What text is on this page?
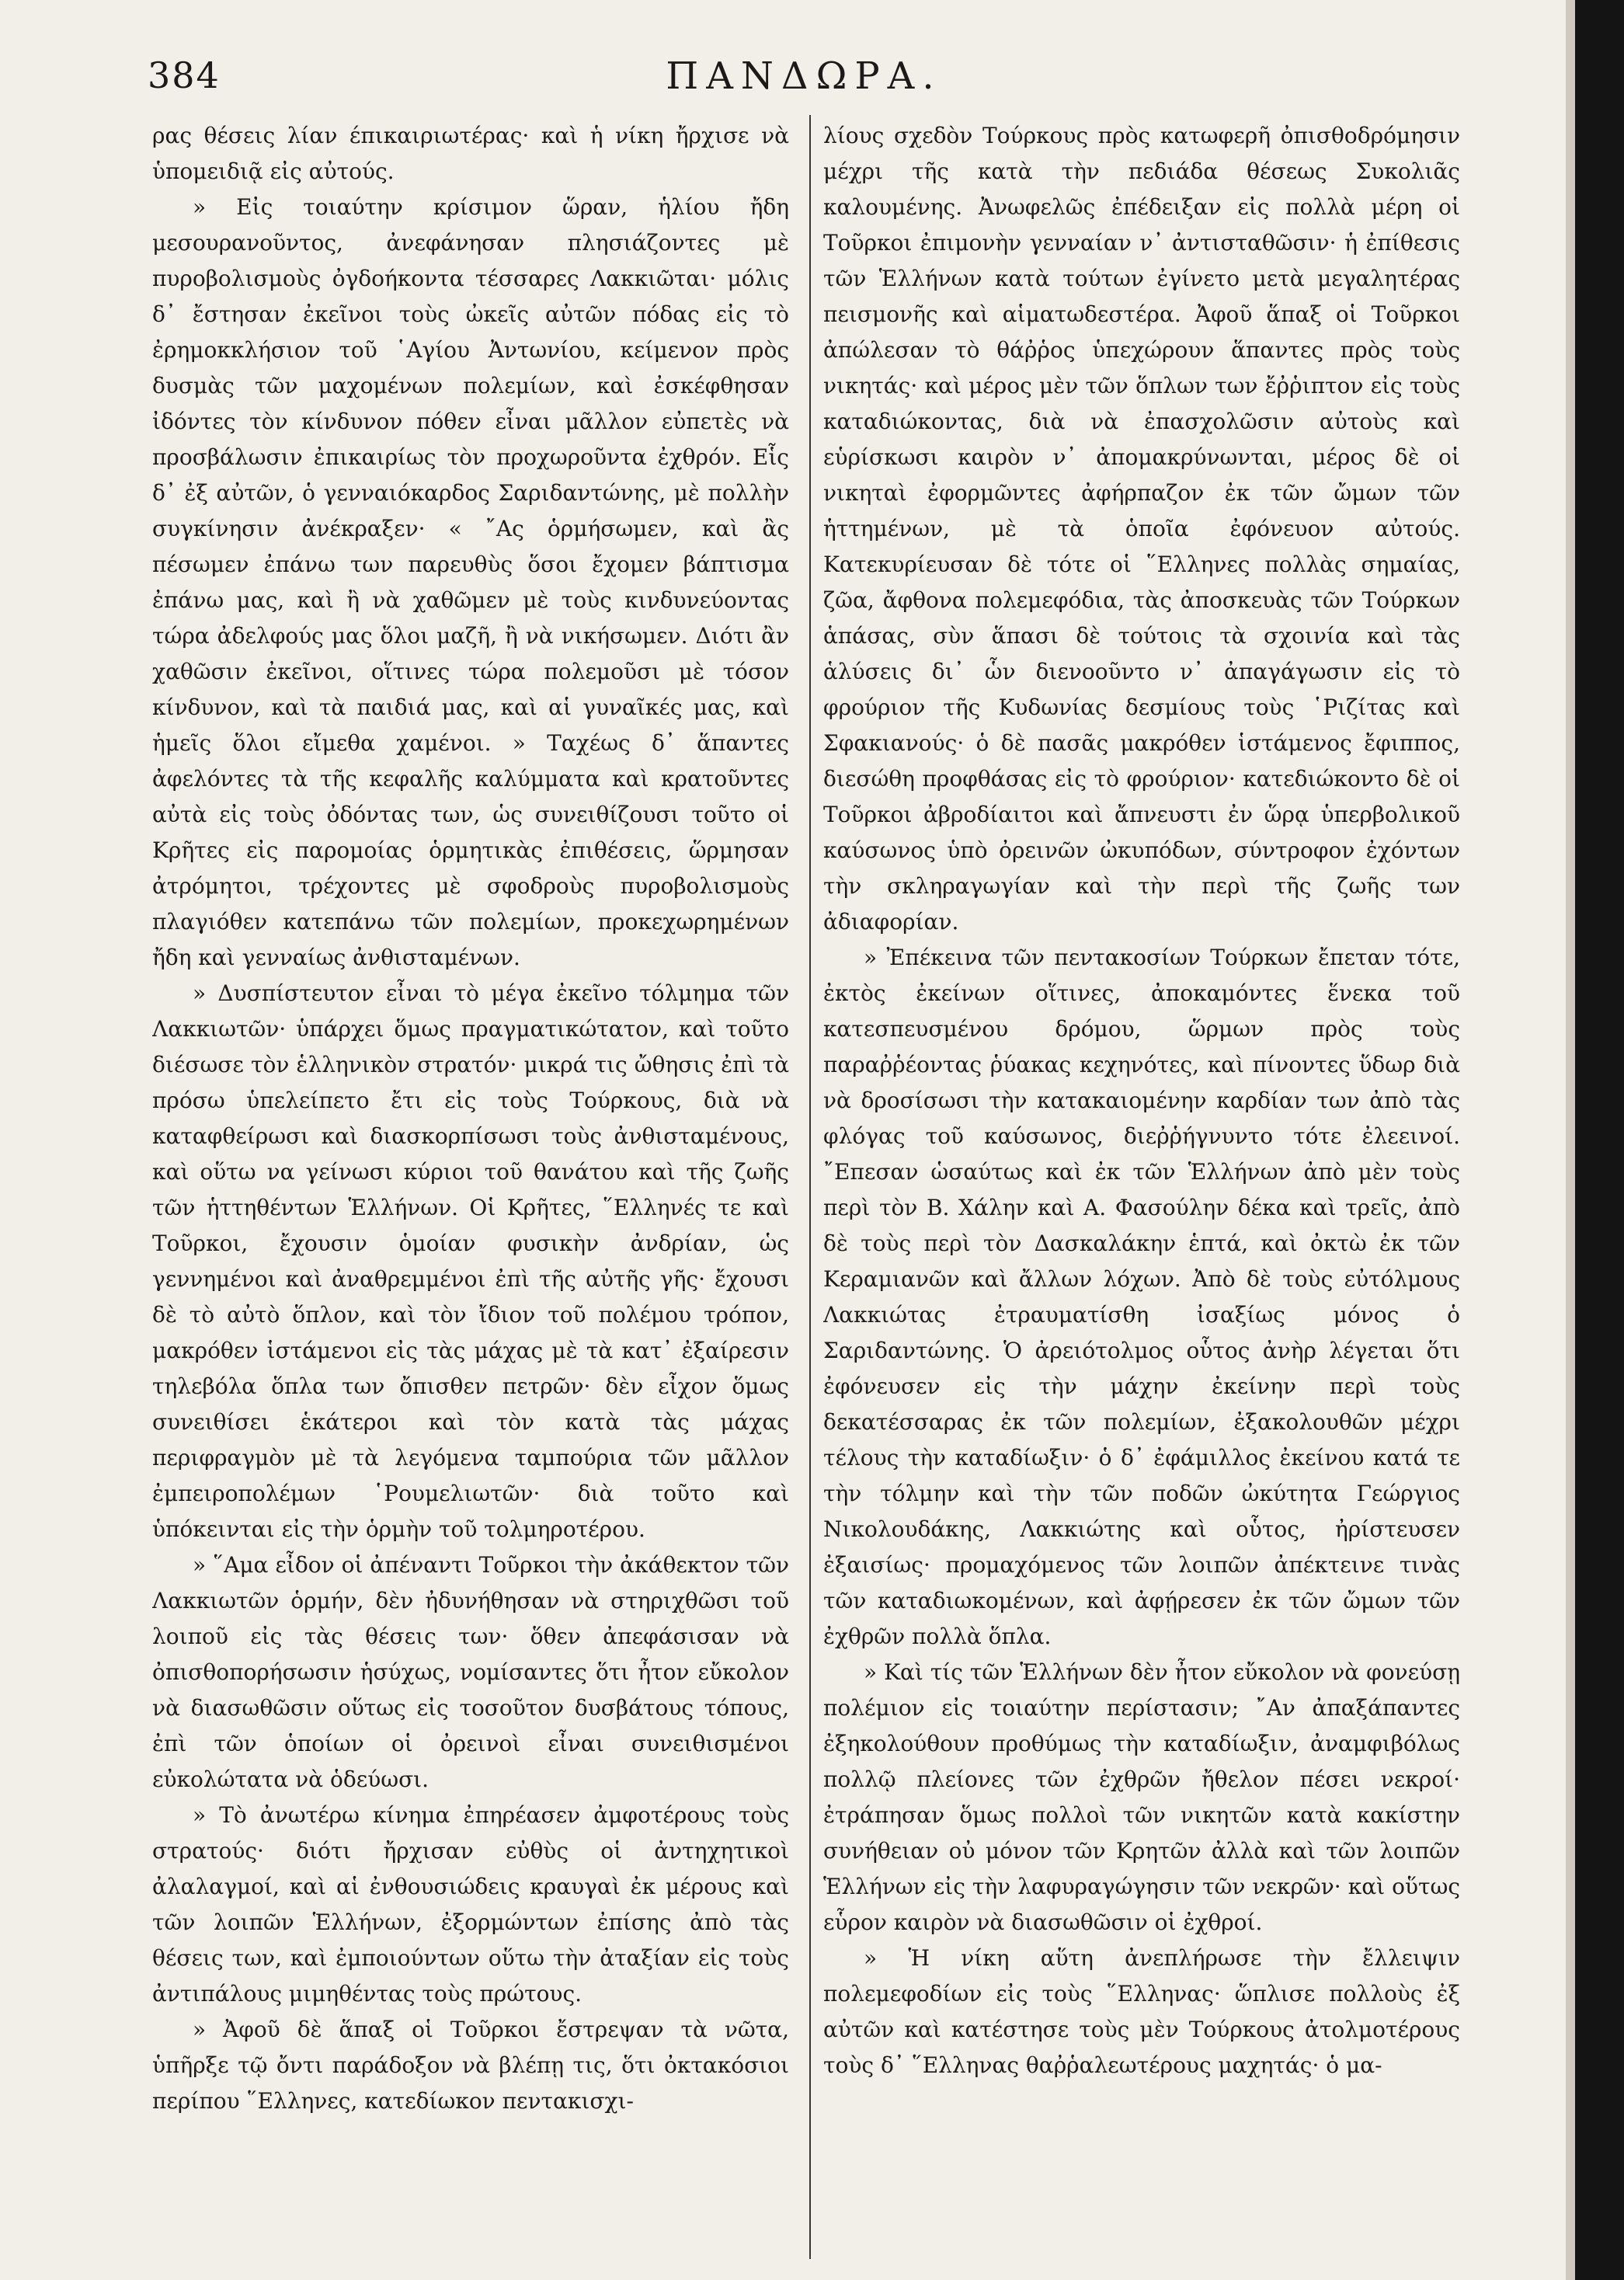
384	ΠΑΝΔΩΡΑ.

ρας θέσεις λίαν έπικαιριωτέρας· καὶ ἡ νίκη ἤρχισε νὰ ὑπομειδιᾷ εἰς αὐτούς.

» Εἰς τοιαύτην κρίσιμον ὥραν, ἡλίου ἤδη μεσουρανοῦντος, ἀνεφάνησαν πλησιάζοντες μὲ πυροβολισμοὺς ὀγδοήκοντα τέσσαρες Λακκιῶται· μόλις δ᾽ ἔστησαν ἐκεῖνοι τοὺς ὠκεῖς αὐτῶν πόδας εἰς τὸ ἐρημοκκλήσιον τοῦ ῾Αγίου Ἀντωνίου, κείμενον πρὸς δυσμὰς τῶν μαχομένων πολεμίων, καὶ ἐσκέφθησαν ἰδόντες τὸν κίνδυνον πόθεν εἶναι μᾶλλον εὐπετὲς νὰ προσβάλωσιν ἐπικαιρίως τὸν προχωροῦντα ἐχθρόν. Εἷς δ᾽ ἐξ αὐτῶν, ὁ γενναιόκαρδος Σαριδαντώνης, μὲ πολλὴν συγκίνησιν ἀνέκραξεν· « ῎Ας ὁρμήσωμεν, καὶ ἂς πέσωμεν ἐπάνω των παρευθὺς ὅσοι ἔχομεν βάπτισμα ἐπάνω μας, καὶ ἢ νὰ χαθῶμεν μὲ τοὺς κινδυνεύοντας τώρα ἀδελφούς μας ὅλοι μαζῆ, ἢ νὰ νικήσωμεν. Διότι ἂν χαθῶσιν ἐκεῖνοι, οἵτινες τώρα πολεμοῦσι μὲ τόσον κίνδυνον, καὶ τὰ παιδιά μας, καὶ αἱ γυναῖκές μας, καὶ ἡμεῖς ὅλοι εἴμεθα χαμένοι. » Ταχέως δ᾽ ἅπαντες ἀφελόντες τὰ τῆς κεφαλῆς καλύμματα καὶ κρατοῦντες αὐτὰ εἰς τοὺς ὀδόντας των, ὡς συνειθίζουσι τοῦτο οἱ Κρῆτες εἰς παρομοίας ὁρμητικὰς ἐπιθέσεις, ὥρμησαν ἀτρόμητοι, τρέχοντες μὲ σφοδροὺς πυροβολισμοὺς πλαγιόθεν κατεπάνω τῶν πολεμίων, προκεχωρημένων ἤδη καὶ γενναίως ἀνθισταμένων.

» Δυσπίστευτον εἶναι τὸ μέγα ἐκεῖνο τόλμημα τῶν Λακκιωτῶν· ὑπάρχει ὅμως πραγματικώτατον, καὶ τοῦτο διέσωσε τὸν ἑλληνικὸν στρατόν· μικρά τις ὤθησις ἐπὶ τὰ πρόσω ὑπελείπετο ἔτι εἰς τοὺς Τούρκους, διὰ νὰ καταφθείρωσι καὶ διασκορπίσωσι τοὺς ἀνθισταμένους, καὶ οὕτω να γείνωσι κύριοι τοῦ θανάτου καὶ τῆς ζωῆς τῶν ἡττηθέντων Ἑλλήνων. Οἱ Κρῆτες, ῞Ελληνές τε καὶ Τοῦρκοι, ἔχουσιν ὁμοίαν φυσικὴν ἀνδρίαν, ὡς γεννημένοι καὶ ἀναθρεμμένοι ἐπὶ τῆς αὐτῆς γῆς· ἔχουσι δὲ τὸ αὐτὸ ὅπλον, καὶ τὸν ἴδιον τοῦ πολέμου τρόπον, μακρόθεν ἱστάμενοι εἰς τὰς μάχας μὲ τὰ κατ᾽ ἐξαίρεσιν τηλεβόλα ὅπλα των ὄπισθεν πετρῶν· δὲν εἶχον ὅμως συνειθίσει ἑκάτεροι καὶ τὸν κατὰ τὰς μάχας περιφραγμὸν μὲ τὰ λεγόμενα ταμπούρια τῶν μᾶλλον ἐμπειροπολέμων ῾Ρουμελιωτῶν· διὰ τοῦτο καὶ ὑπόκεινται εἰς τὴν ὁρμὴν τοῦ τολμηροτέρου.

» ῞Αμα εἶδον οἱ ἀπέναντι Τοῦρκοι τὴν ἀκάθεκτον τῶν Λακκιωτῶν ὁρμήν, δὲν ἠδυνήθησαν νὰ στηριχθῶσι τοῦ λοιποῦ εἰς τὰς θέσεις των· ὅθεν ἀπεφάσισαν νὰ ὀπισθοπορήσωσιν ἡσύχως, νομίσαντες ὅτι ἦτον εὔκολον νὰ διασωθῶσιν οὕτως εἰς τοσοῦτον δυσβάτους τόπους, ἐπὶ τῶν ὁποίων οἱ ὀρεινοὶ εἶναι συνειθισμένοι εὐκολώτατα νὰ ὁδεύωσι.

» Τὸ ἀνωτέρω κίνημα ἐπηρέασεν ἀμφοτέρους τοὺς στρατούς· διότι ἤρχισαν εὐθὺς οἱ ἀντηχητικοὶ ἀλαλαγμοί, καὶ αἱ ἐνθουσιώδεις κραυγαὶ ἐκ μέρους καὶ τῶν λοιπῶν Ἑλλήνων, ἐξορμώντων ἐπίσης ἀπὸ τὰς θέσεις των, καὶ ἐμποιούντων οὕτω τὴν ἀταξίαν εἰς τοὺς ἀντιπάλους μιμηθέντας τοὺς πρώτους.

» Ἀφοῦ δὲ ἅπαξ οἱ Τοῦρκοι ἔστρεψαν τὰ νῶτα, ὑπῆρξε τῷ ὄντι παράδοξον νὰ βλέπῃ τις, ὅτι ὀκτακόσιοι περίπου ῞Ελληνες, κατεδίωκον πεντακισχι-

λίους σχεδὸν Τούρκους πρὸς κατωφερῆ ὀπισθοδρόμησιν μέχρι τῆς κατὰ τὴν πεδιάδα θέσεως Συκολιᾶς καλουμένης. Ἀνωφελῶς ἐπέδειξαν εἰς πολλὰ μέρη οἱ Τοῦρκοι ἐπιμονὴν γενναίαν ν᾽ ἀντισταθῶσιν· ἡ ἐπίθεσις τῶν Ἑλλήνων κατὰ τούτων ἐγίνετο μετὰ μεγαλητέρας πεισμονῆς καὶ αἱματωδεστέρα. Ἀφοῦ ἅπαξ οἱ Τοῦρκοι ἀπώλεσαν τὸ θάῤῥος ὑπεχώρουν ἅπαντες πρὸς τοὺς νικητάς· καὶ μέρος μὲν τῶν ὅπλων των ἔῤῥιπτον εἰς τοὺς καταδιώκοντας, διὰ νὰ ἐπασχολῶσιν αὐτοὺς καὶ εὑρίσκωσι καιρὸν ν᾽ ἀπομακρύνωνται, μέρος δὲ οἱ νικηταὶ ἐφορμῶντες ἀφήρπαζον ἐκ τῶν ὤμων τῶν ἡττημένων, μὲ τὰ ὁποῖα ἐφόνευον αὐτούς. Κατεκυρίευσαν δὲ τότε οἱ ῞Ελληνες πολλὰς σημαίας, ζῶα, ἄφθονα πολεμεφόδια, τὰς ἀποσκευὰς τῶν Τούρκων ἁπάσας, σὺν ἅπασι δὲ τούτοις τὰ σχοινία καὶ τὰς ἁλύσεις δι᾽ ὧν διενοοῦντο ν᾽ ἀπαγάγωσιν εἰς τὸ φρούριον τῆς Κυδωνίας δεσμίους τοὺς ῾Ριζίτας καὶ Σφακιανούς· ὁ δὲ πασᾶς μακρόθεν ἱστάμενος ἔφιππος, διεσώθη προφθάσας εἰς τὸ φρούριον· κατεδιώκοντο δὲ οἱ Τοῦρκοι ἀβροδίαιτοι καὶ ἄπνευστι ἐν ὥρᾳ ὑπερβολικοῦ καύσωνος ὑπὸ ὀρεινῶν ὠκυπόδων, σύντροφον ἐχόντων τὴν σκληραγωγίαν καὶ τὴν περὶ τῆς ζωῆς των ἀδιαφορίαν.

» Ἐπέκεινα τῶν πεντακοσίων Τούρκων ἔπεταν τότε, ἐκτὸς ἐκείνων οἵτινες, ἀποκαμόντες ἕνεκα τοῦ κατεσπευσμένου δρόμου, ὥρμων πρὸς τοὺς παραῤῥέοντας ῥύακας κεχηνότες, καὶ πίνοντες ὕδωρ διὰ νὰ δροσίσωσι τὴν κατακαιομένην καρδίαν των ἀπὸ τὰς φλόγας τοῦ καύσωνος, διεῤῥήγνυντο τότε ἐλεεινοί. ῎Επεσαν ὡσαύτως καὶ ἐκ τῶν Ἑλλήνων ἀπὸ μὲν τοὺς περὶ τὸν Β. Χάλην καὶ Α. Φασούλην δέκα καὶ τρεῖς, ἀπὸ δὲ τοὺς περὶ τὸν Δασκαλάκην ἑπτά, καὶ ὀκτὼ ἐκ τῶν Κεραμιανῶν καὶ ἄλλων λόχων. Ἀπὸ δὲ τοὺς εὐτόλμους Λακκιώτας ἐτραυματίσθη ἰσαξίως μόνος ὁ Σαριδαντώνης. Ὁ ἀρειότολμος οὗτος ἀνὴρ λέγεται ὅτι ἐφόνευσεν εἰς τὴν μάχην ἐκείνην περὶ τοὺς δεκατέσσαρας ἐκ τῶν πολεμίων, ἐξακολουθῶν μέχρι τέλους τὴν καταδίωξιν· ὁ δ᾽ ἐφάμιλλος ἐκείνου κατά τε τὴν τόλμην καὶ τὴν τῶν ποδῶν ὠκύτητα Γεώργιος Νικολουδάκης, Λακκιώτης καὶ οὗτος, ἠρίστευσεν ἐξαισίως· προμαχόμενος τῶν λοιπῶν ἀπέκτεινε τινὰς τῶν καταδιωκομένων, καὶ ἀφῄρεσεν ἐκ τῶν ὤμων τῶν ἐχθρῶν πολλὰ ὅπλα.

» Καὶ τίς τῶν Ἑλλήνων δὲν ἦτον εὔκολον νὰ φονεύσῃ πολέμιον εἰς τοιαύτην περίστασιν; ῎Αν ἀπαξάπαντες ἐξηκολούθουν προθύμως τὴν καταδίωξιν, ἀναμφιβόλως πολλῷ πλείονες τῶν ἐχθρῶν ἤθελον πέσει νεκροί· ἐτράπησαν ὅμως πολλοὶ τῶν νικητῶν κατὰ κακίστην συνήθειαν οὐ μόνον τῶν Κρητῶν ἀλλὰ καὶ τῶν λοιπῶν Ἑλλήνων εἰς τὴν λαφυραγώγησιν τῶν νεκρῶν· καὶ οὕτως εὗρον καιρὸν νὰ διασωθῶσιν οἱ ἐχθροί.

» Ἡ νίκη αὕτη ἀνεπλήρωσε τὴν ἔλλειψιν πολεμεφοδίων εἰς τοὺς ῞Ελληνας· ὥπλισε πολλοὺς ἐξ αὐτῶν καὶ κατέστησε τοὺς μὲν Τούρκους ἀτολμοτέρους τοὺς δ᾽ ῞Ελληνας θαῤῥαλεωτέρους μαχητάς· ὁ μα-
